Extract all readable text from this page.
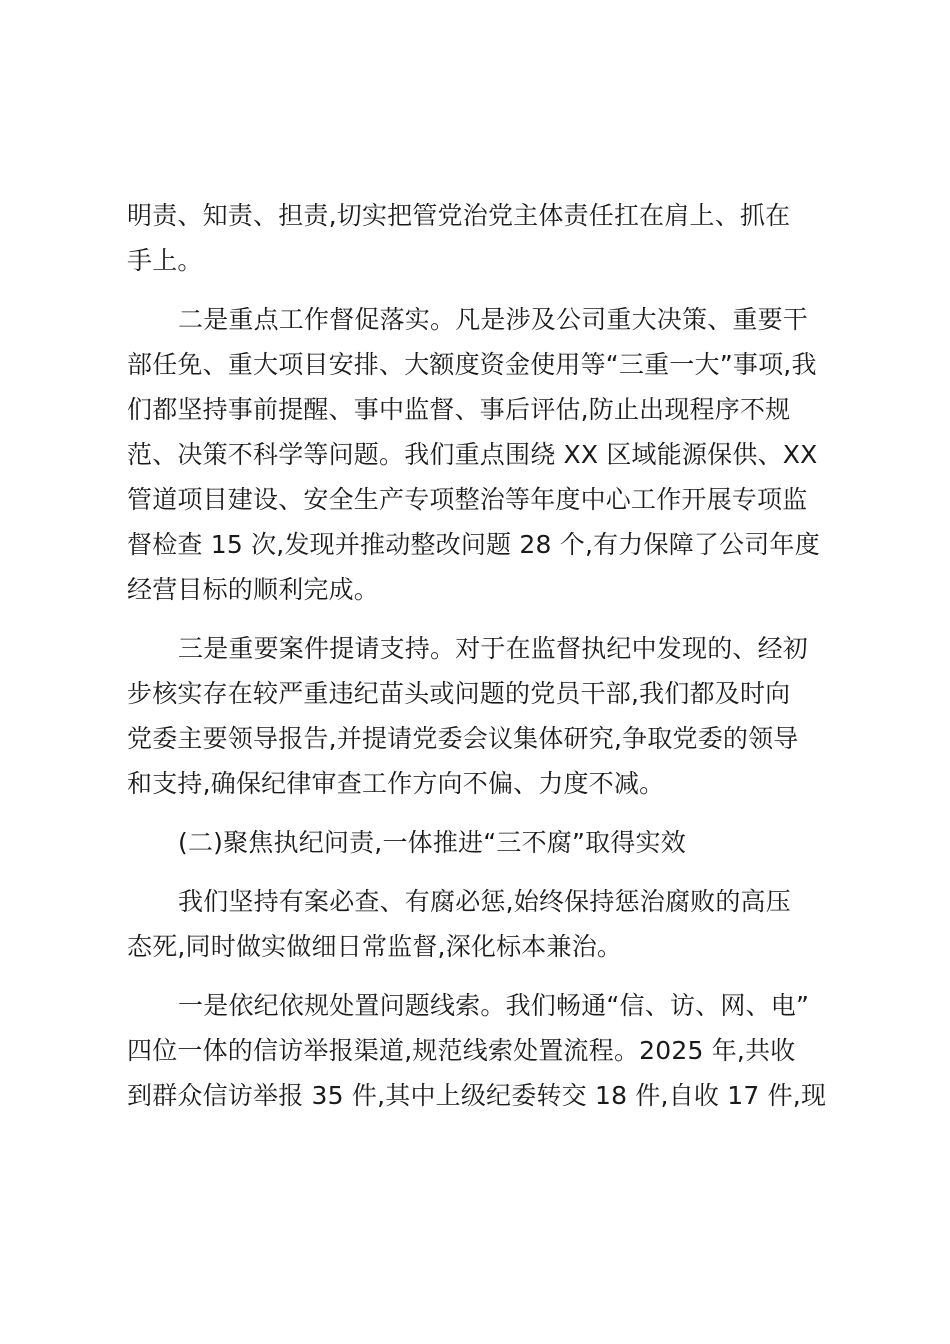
明责、知责、担责,切实把管党治党主体责任扛在肩上、抓在
手上。
二是重点工作督促落实。凡是涉及公司重大决策、重要干
部任免、重大项目安排、大额度资金使用等“三重一大”事项,我
们都坚持事前提醒、事中监督、事后评估,防止出现程序不规
范、决策不科学等问题。我们重点围绕 XX 区域能源保供、XX
管道项目建设、安全生产专项整治等年度中心工作开展专项监
督检查 15 次,发现并推动整改问题 28 个,有力保障了公司年度
经营目标的顺利完成。
三是重要案件提请支持。对于在监督执纪中发现的、经初
步核实存在较严重违纪苗头或问题的党员干部,我们都及时向
党委主要领导报告,并提请党委会议集体研究,争取党委的领导
和支持,确保纪律审查工作方向不偏、力度不减。
(二)聚焦执纪问责,一体推进“三不腐”取得实效
我们坚持有案必查、有腐必惩,始终保持惩治腐败的高压
态死,同时做实做细日常监督,深化标本兼治。
一是依纪依规处置问题线索。我们畅通“信、访、网、电”
四位一体的信访举报渠道,规范线索处置流程。2025 年,共收
到群众信访举报 35 件,其中上级纪委转交 18 件,自收 17 件,现
